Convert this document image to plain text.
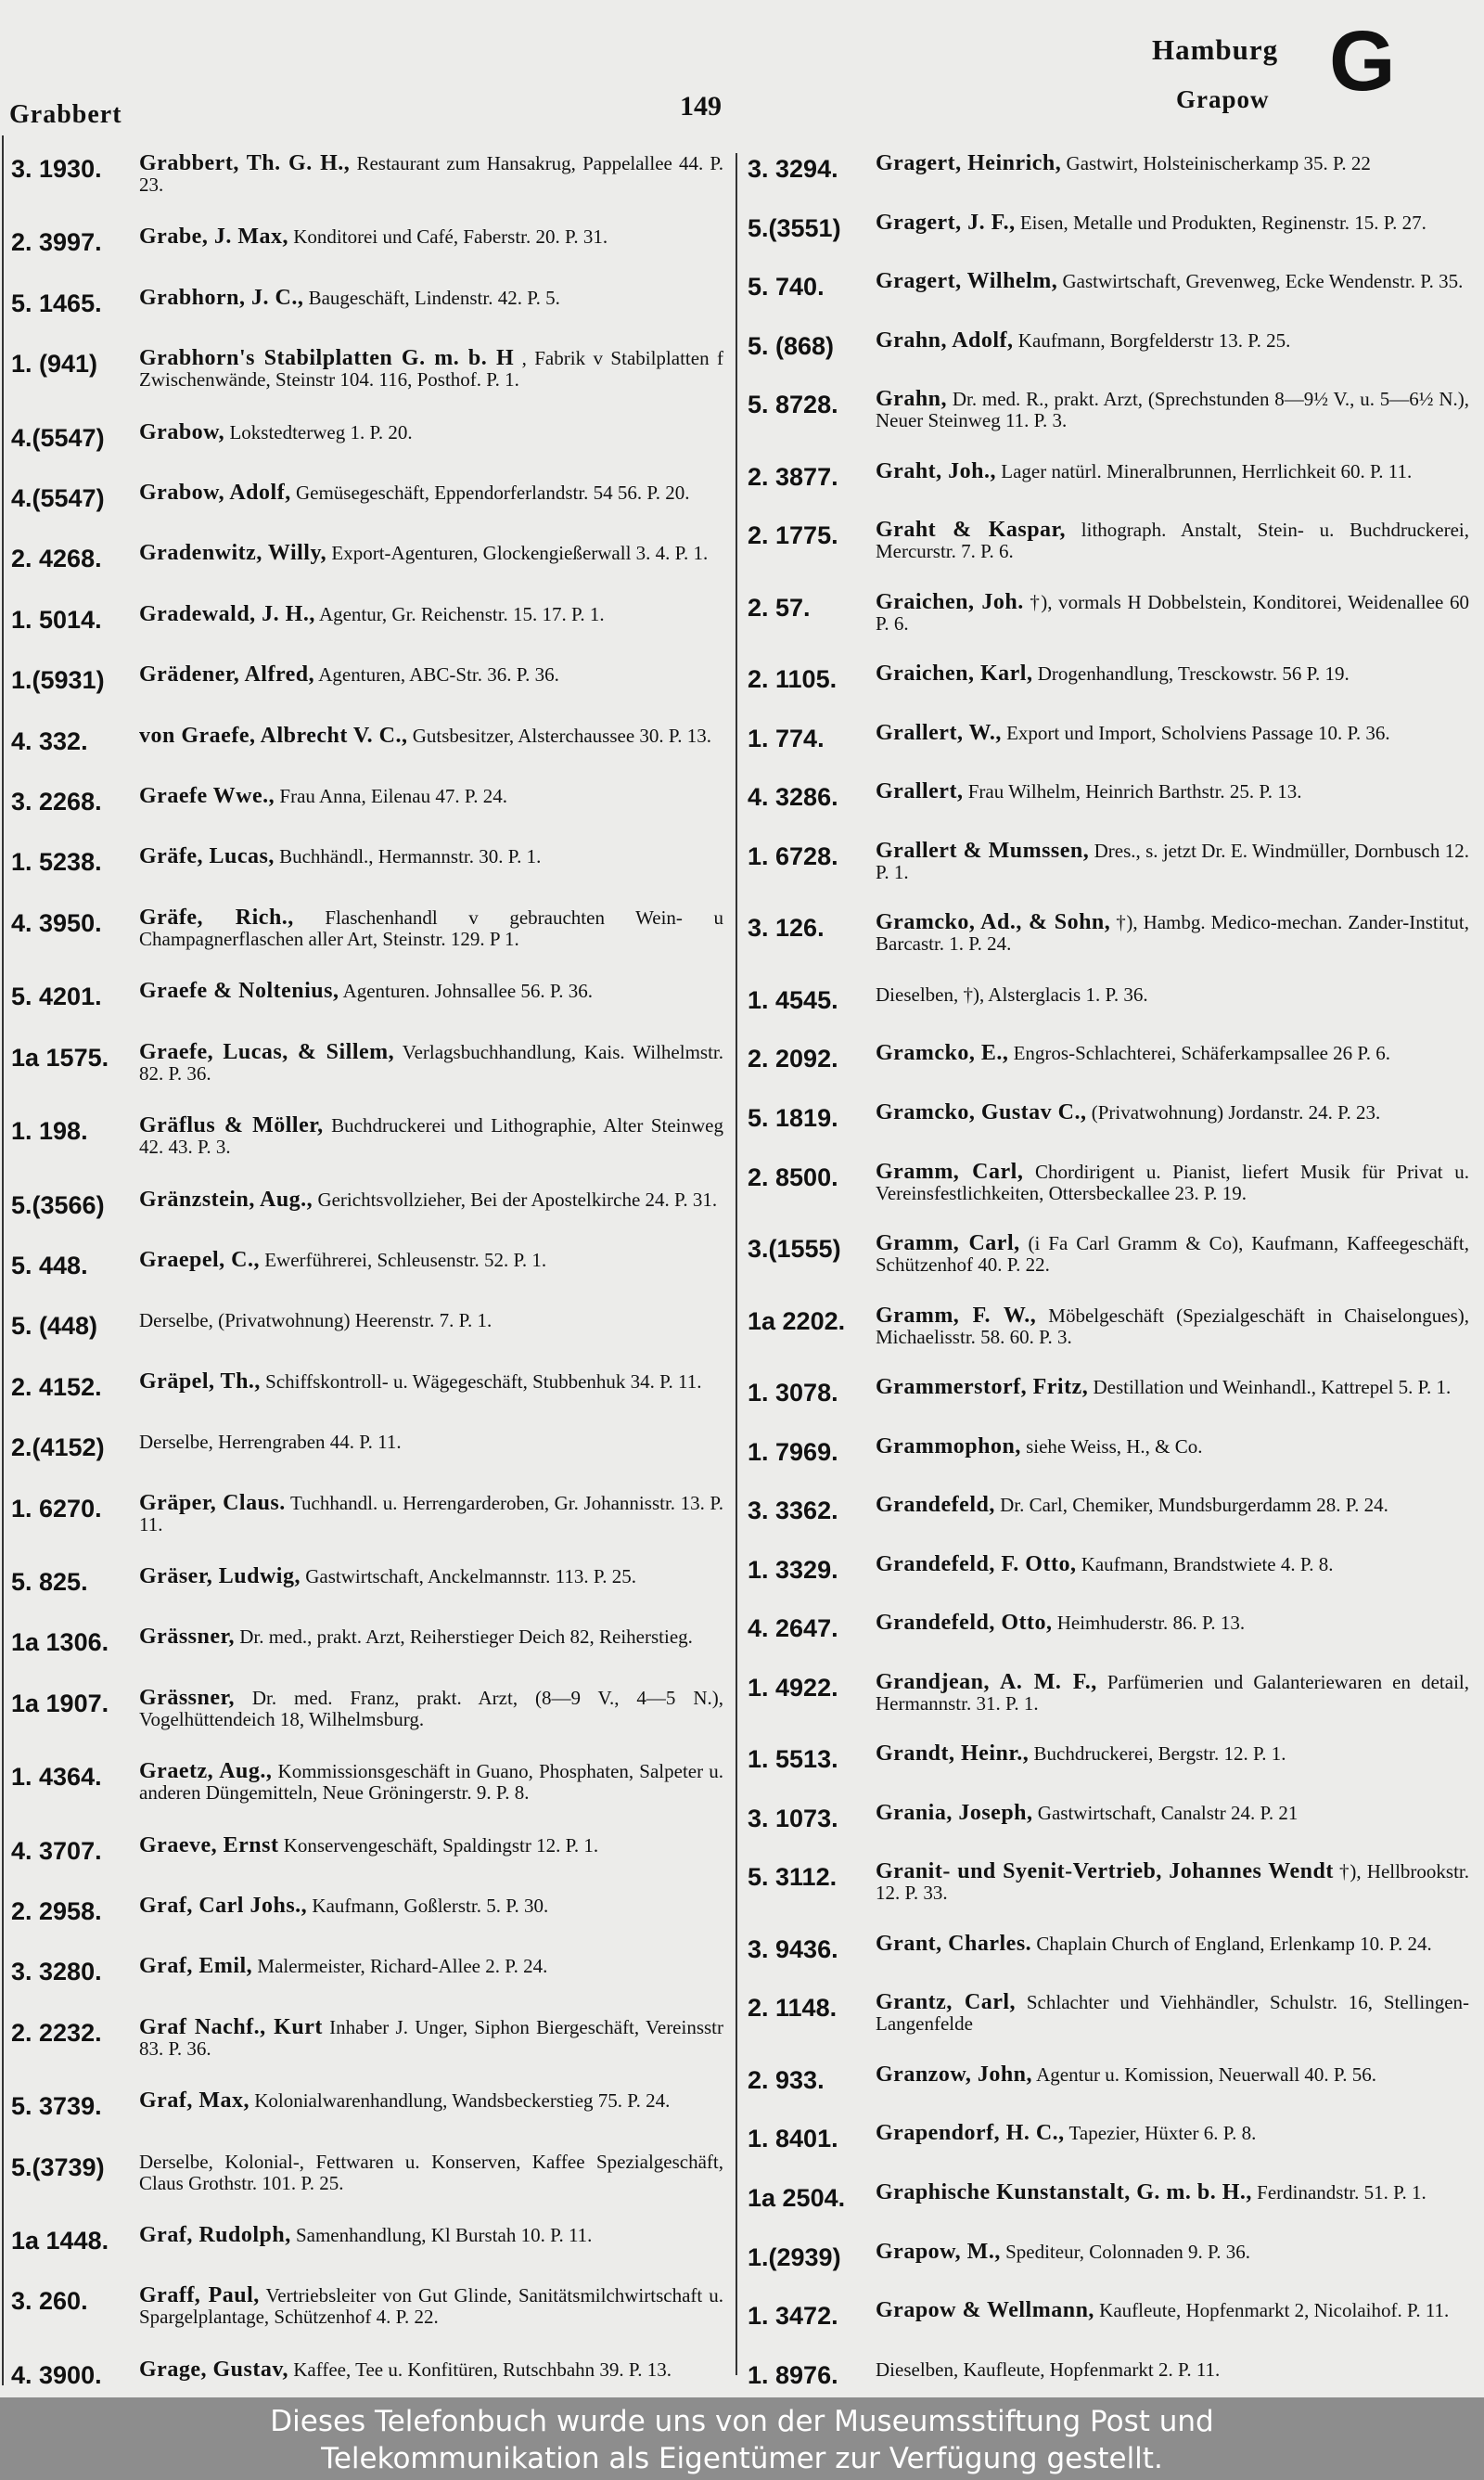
Grabbert	149
Hamburg
Grapow G
3. 1930.	Grabbert, Th. G. H., Restaurant zum Hansakrug, Pappelallee 44. P. 23.
2. 3997.	Grabe, J. Max, Konditorei und Café, Faberstr. 20. P. 31.
5. 1465.	Grabhorn, J. C., Baugeschäft, Lindenstr. 42. P. 5.
1. (941)	Grabhorn's Stabilplatten G. m. b. H , Fabrik v Stabilplatten f Zwischenwände, Steinstr 104. 116, Posthof. P. 1.
4.(5547)	Grabow, Lokstedterweg 1. P. 20.
4.(5547)	Grabow, Adolf, Gemüsegeschäft, Eppendorferlandstr. 54 56. P. 20.
2. 4268.	Gradenwitz, Willy, Export-Agenturen, Glockengießerwall 3. 4. P. 1.
1. 5014.	Gradewald, J. H., Agentur, Gr. Reichenstr. 15. 17. P. 1.
1.(5931)	Grädener, Alfred, Agenturen, ABC-Str. 36. P. 36.
4. 332.	von Graefe, Albrecht V. C., Gutsbesitzer, Alsterchaussee 30. P. 13.
3. 2268.	Graefe Wwe., Frau Anna, Eilenau 47. P. 24.
1. 5238.	Gräfe, Lucas, Buchhändl., Hermannstr. 30. P. 1.
4. 3950.	Gräfe, Rich., Flaschenhandl v gebrauchten Wein- u Champagnerflaschen aller Art, Steinstr. 129. P 1.
5. 4201.	Graefe & Noltenius, Agenturen. Johnsallee 56. P. 36.
1a 1575.	Graefe, Lucas, & Sillem, Verlagsbuchhandlung, Kais. Wilhelmstr. 82. P. 36.
1. 198.	Gräflus & Möller, Buchdruckerei und Lithographie, Alter Steinweg 42. 43. P. 3.
5.(3566)	Gränzstein, Aug., Gerichtsvollzieher, Bei der Apostelkirche 24. P. 31.
5. 448.	Graepel, C., Ewerführerei, Schleusenstr. 52. P. 1.
5. (448)	Derselbe, (Privatwohnung) Heerenstr. 7. P. 1.
2. 4152.	Gräpel, Th., Schiffskontroll- u. Wägegeschäft, Stubbenhuk 34. P. 11.
2.(4152)	Derselbe, Herrengraben 44. P. 11.
1. 6270.	Gräper, Claus. Tuchhandl. u. Herrengarderoben, Gr. Johannisstr. 13. P. 11.
5. 825.	Gräser, Ludwig, Gastwirtschaft, Anckelmannstr. 113. P. 25.
1a 1306.	Grässner, Dr. med., prakt. Arzt, Reiherstieger Deich 82, Reiherstieg.
1a 1907.	Grässner, Dr. med. Franz, prakt. Arzt, (8—9 V., 4—5 N.), Vogelhüttendeich 18, Wilhelmsburg.
1. 4364.	Graetz, Aug., Kommissionsgeschäft in Guano, Phosphaten, Salpeter u. anderen Düngemitteln, Neue Gröningerstr. 9. P. 8.
4. 3707.	Graeve, Ernst Konservengeschäft, Spaldingstr 12. P. 1.
2. 2958.	Graf, Carl Johs., Kaufmann, Goßlerstr. 5. P. 30.
3. 3280.	Graf, Emil, Malermeister, Richard-Allee 2. P. 24.
2. 2232.	Graf Nachf., Kurt Inhaber J. Unger, Siphon Biergeschäft, Vereinsstr 83. P. 36.
5. 3739.	Graf, Max, Kolonialwarenhandlung, Wandsbeckerstieg 75. P. 24.
5.(3739)	Derselbe, Kolonial-, Fettwaren u. Konserven, Kaffee Spezialgeschäft, Claus Grothstr. 101. P. 25.
1a 1448.	Graf, Rudolph, Samenhandlung, Kl Burstah 10. P. 11.
3. 260.	Graff, Paul, Vertriebsleiter von Gut Glinde, Sanitätsmilchwirtschaft u. Spargelplantage, Schützenhof 4. P. 22.
4. 3900.	Grage, Gustav, Kaffee, Tee u. Konfitüren, Rutschbahn 39. P. 13.
3. 3294.	Gragert, Heinrich, Gastwirt, Holsteinischerkamp 35. P. 22
5.(3551)	Gragert, J. F., Eisen, Metalle und Produkten, Reginenstr. 15. P. 27.
5. 740.	Gragert, Wilhelm, Gastwirtschaft, Grevenweg, Ecke Wendenstr. P. 35.
5. (868)	Grahn, Adolf, Kaufmann, Borgfelderstr 13. P. 25.
5. 8728.	Grahn, Dr. med. R., prakt. Arzt, (Sprechstunden 8—9½ V., u. 5—6½ N.), Neuer Steinweg 11. P. 3.
2. 3877.	Graht, Joh., Lager natürl. Mineralbrunnen, Herrlichkeit 60. P. 11.
2. 1775.	Graht & Kaspar, lithograph. Anstalt, Stein- u. Buchdruckerei, Mercurstr. 7. P. 6.
2. 57.	Graichen, Joh. †), vormals H Dobbelstein, Konditorei, Weidenallee 60 P. 6.
2. 1105.	Graichen, Karl, Drogenhandlung, Tresckowstr. 56 P. 19.
1. 774.	Grallert, W., Export und Import, Scholviens Passage 10. P. 36.
4. 3286.	Grallert, Frau Wilhelm, Heinrich Barthstr. 25. P. 13.
1. 6728.	Grallert & Mumssen, Dres., s. jetzt Dr. E. Windmüller, Dornbusch 12. P. 1.
3. 126.	Gramcko, Ad., & Sohn, †), Hambg. Medico-mechan. Zander-Institut, Barcastr. 1. P. 24.
1. 4545.	Dieselben, †), Alsterglacis 1. P. 36.
2. 2092.	Gramcko, E., Engros-Schlachterei, Schäferkampsallee 26 P. 6.
5. 1819.	Gramcko, Gustav C., (Privatwohnung) Jordanstr. 24. P. 23.
2. 8500.	Gramm, Carl, Chordirigent u. Pianist, liefert Musik für Privat u. Vereinsfestlichkeiten, Ottersbeckallee 23. P. 19.
3.(1555)	Gramm, Carl, (i Fa Carl Gramm & Co), Kaufmann, Kaffeegeschäft, Schützenhof 40. P. 22.
1a 2202.	Gramm, F. W., Möbelgeschäft (Spezialgeschäft in Chaiselongues), Michaelisstr. 58. 60. P. 3.
1. 3078.	Grammerstorf, Fritz, Destillation und Weinhandl., Kattrepel 5. P. 1.
1. 7969.	Grammophon, siehe Weiss, H., & Co.
3. 3362.	Grandefeld, Dr. Carl, Chemiker, Mundsburgerdamm 28. P. 24.
1. 3329.	Grandefeld, F. Otto, Kaufmann, Brandstwiete 4. P. 8.
4. 2647.	Grandefeld, Otto, Heimhuderstr. 86. P. 13.
1. 4922.	Grandjean, A. M. F., Parfümerien und Galanteriewaren en detail, Hermannstr. 31. P. 1.
1. 5513.	Grandt, Heinr., Buchdruckerei, Bergstr. 12. P. 1.
3. 1073.	Grania, Joseph, Gastwirtschaft, Canalstr 24. P. 21
5. 3112.	Granit- und Syenit-Vertrieb, Johannes Wendt †), Hellbrookstr. 12. P. 33.
3. 9436.	Grant, Charles. Chaplain Church of England, Erlenkamp 10. P. 24.
2. 1148.	Grantz, Carl, Schlachter und Viehhändler, Schulstr. 16, Stellingen-Langenfelde
2. 933.	Granzow, John, Agentur u. Komission, Neuerwall 40. P. 56.
1. 8401.	Grapendorf, H. C., Tapezier, Hüxter 6. P. 8.
1a 2504.	Graphische Kunstanstalt, G. m. b. H., Ferdinandstr. 51. P. 1.
1.(2939)	Grapow, M., Spediteur, Colonnaden 9. P. 36.
1. 3472.	Grapow & Wellmann, Kaufleute, Hopfenmarkt 2, Nicolaihof. P. 11.
1. 8976.	Dieselben, Kaufleute, Hopfenmarkt 2. P. 11.
Dieses Telefonbuch wurde uns von der Museumsstiftung Post und
Telekommunikation als Eigentümer zur Verfügung gestellt.
